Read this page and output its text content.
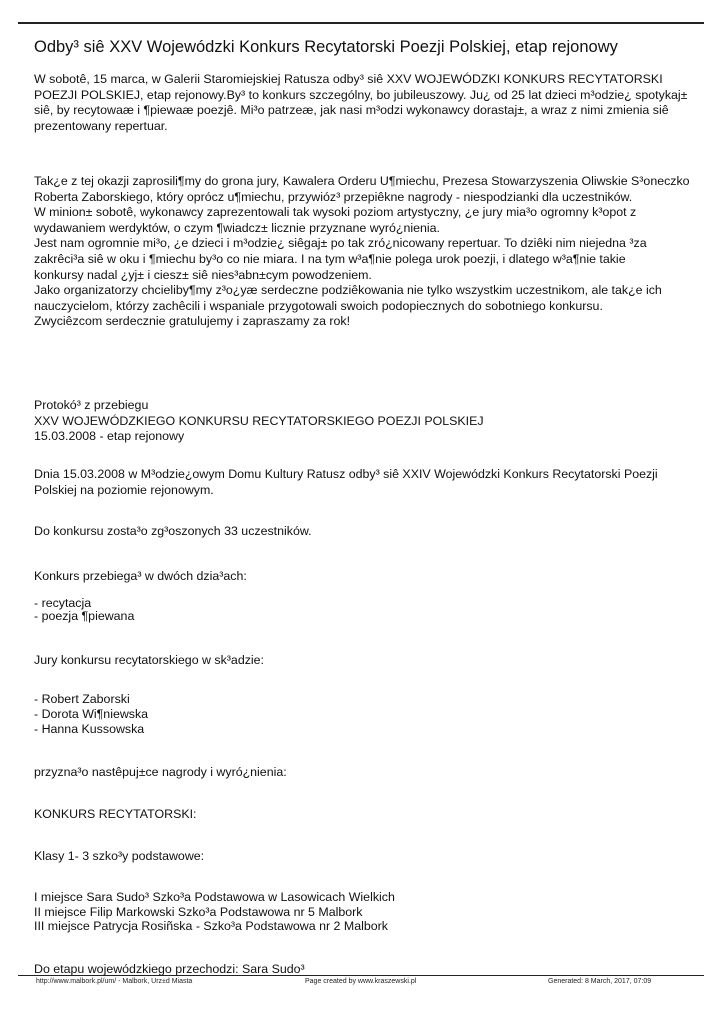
Odby³ siê XXV Wojewódzki Konkurs Recytatorski Poezji Polskiej, etap rejonowy

W sobotê, 15 marca, w Galerii Staromiejskiej Ratusza odby³ siê XXV WOJEWÓDZKI KONKURS RECYTATORSKI
POEZJI POLSKIEJ, etap rejonowy.By³ to konkurs szczególny, bo jubileuszowy. Ju¿ od 25 lat dzieci m³odzie¿ spotykaj±
siê, by recytowaæ i ¶piewaæ poezjê. Mi³o patrzeæ, jak nasi m³odzi wykonawcy dorastaj±, a wraz z nimi zmienia siê
prezentowany repertuar.

Tak¿e z tej okazji zaprosili¶my do grona jury, Kawalera Orderu U¶miechu, Prezesa Stowarzyszenia Oliwskie S³oneczko
Roberta Zaborskiego, który oprócz u¶miechu, przywióz³ przepiêkne nagrody - niespodzianki dla uczestników.
W minion± sobotê, wykonawcy zaprezentowali tak wysoki poziom artystyczny, ¿e jury mia³o ogromny k³opot z
wydawaniem werdyktów, o czym ¶wiadcz± licznie przyznane wyró¿nienia.
Jest nam ogromnie mi³o, ¿e dzieci i m³odzie¿ siêgaj± po tak zró¿nicowany repertuar. To dziêki nim niejedna ³za
zakrêci³a siê w oku i ¶miechu by³o co nie miara. I na tym w³a¶nie polega urok poezji, i dlatego w³a¶nie takie
konkursy nadal ¿yj± i ciesz± siê nies³abn±cym powodzeniem.
Jako organizatorzy chcieliby¶my z³o¿yæ serdeczne podziêkowania nie tylko wszystkim uczestnikom, ale tak¿e ich
nauczycielom, którzy zachêcili i wspaniale przygotowali swoich podopiecznych do sobotniego konkursu.
Zwyciêzcom serdecznie gratulujemy i zapraszamy za rok!

Protokó³ z przebiegu
XXV WOJEWÓDZKIEGO KONKURSU RECYTATORSKIEGO POEZJI POLSKIEJ
15.03.2008 - etap rejonowy

Dnia 15.03.2008 w M³odzie¿owym Domu Kultury Ratusz odby³ siê XXIV Wojewódzki Konkurs Recytatorski Poezji
Polskiej na poziomie rejonowym.

Do konkursu zosta³o zg³oszonych 33 uczestników.
Konkurs przebiega³ w dwóch dzia³ach:
- recytacja
- poezja ¶piewana
Jury konkursu recytatorskiego w sk³adzie:
- Robert Zaborski
- Dorota Wi¶niewska
- Hanna Kussowska
przyzna³o nastêpuj±ce nagrody i wyró¿nienia:
KONKURS RECYTATORSKI:
Klasy 1- 3 szko³y podstawowe:
I miejsce Sara Sudo³ Szko³a Podstawowa w Lasowicach Wielkich
II miejsce Filip Markowski Szko³a Podstawowa nr 5 Malbork
III miejsce Patrycja Rosiñska - Szko³a Podstawowa nr 2 Malbork
Do etapu wojewódzkiego przechodzi: Sara Sudo³
http://www.malbork.pl/um/ - Malbork, Urz±d Miasta	Page created by www.kraszewski.pl	Generated: 8 March, 2017, 07:09
